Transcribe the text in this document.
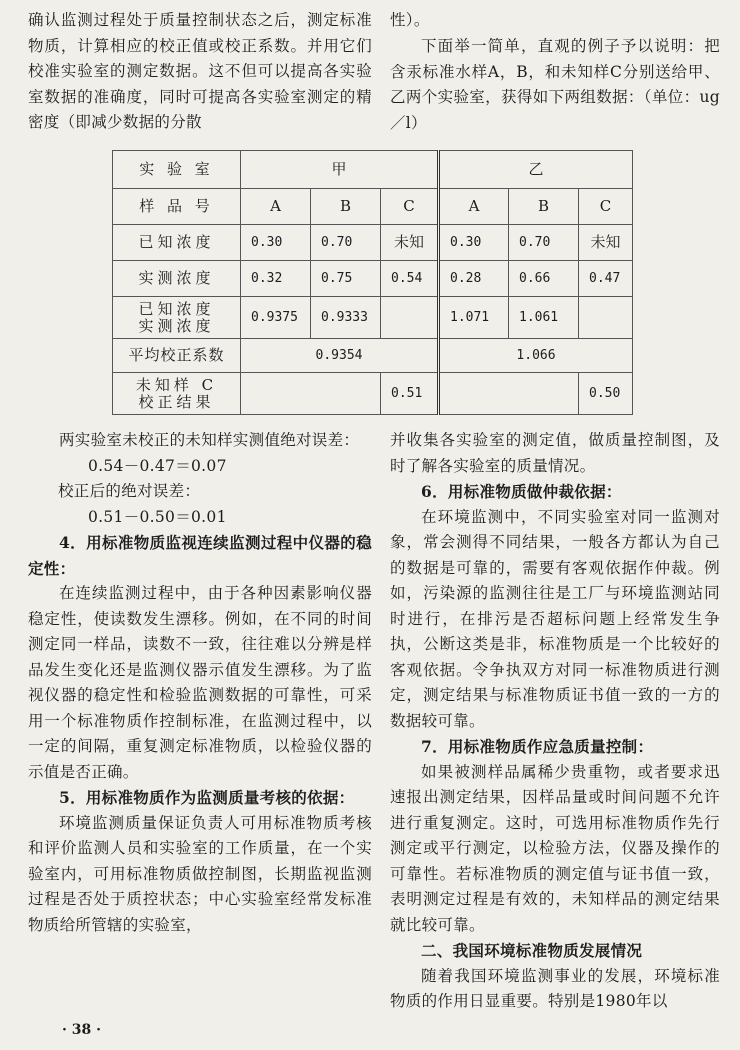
确认监测过程处于质量控制状态之后，测定标准物质，计算相应的校正值或校正系数。并用它们校准实验室的测定数据。这不但可以提高各实验室数据的准确度，同时可提高各实验室测定的精密度（即减少数据的分散

性）。

下面举一简单，直观的例子予以说明：把含汞标准水样A，B，和未知样C分别送给甲、乙两个实验室，获得如下两组数据：（单位：ug／l）

实 验 室	甲			乙		
样 品 号	A	B	C	A	B	C
已知浓度	0.30	0.70	未知	0.30	0.70	未知
实测浓度	0.32	0.75	0.54	0.28	0.66	0.47

已知浓度
实测浓度	0.9375	0.9333		1.071	1.061	
平均校正系数	0.9354			1.066		

未知样 C
校正结果			0.51			0.50

两实验室未校正的未知样实测值绝对误差：

0.54－0.47＝0.07

校正后的绝对误差：

0.51－0.50＝0.01

4．用标准物质监视连续监测过程中仪器的稳定性：

在连续监测过程中，由于各种因素影响仪器稳定性，使读数发生漂移。例如，在不同的时间测定同一样品，读数不一致，往往难以分辨是样品发生变化还是监测仪器示值发生漂移。为了监视仪器的稳定性和检验监测数据的可靠性，可采用一个标准物质作控制标准，在监测过程中，以一定的间隔，重复测定标准物质，以检验仪器的示值是否正确。

5．用标准物质作为监测质量考核的依据：

环境监测质量保证负责人可用标准物质考核和评价监测人员和实验室的工作质量，在一个实验室内，可用标准物质做控制图，长期监视监测过程是否处于质控状态；中心实验室经常发标准物质给所管辖的实验室，

并收集各实验室的测定值，做质量控制图，及时了解各实验室的质量情况。

6．用标准物质做仲裁依据：

在环境监测中，不同实验室对同一监测对象，常会测得不同结果，一般各方都认为自己的数据是可靠的，需要有客观依据作仲裁。例如，污染源的监测往往是工厂与环境监测站同时进行，在排污是否超标问题上经常发生争执，公断这类是非，标准物质是一个比较好的客观依据。令争执双方对同一标准物质进行测定，测定结果与标准物质证书值一致的一方的数据较可靠。

7．用标准物质作应急质量控制：

如果被测样品属稀少贵重物，或者要求迅速报出测定结果，因样品量或时间问题不允许进行重复测定。这时，可选用标准物质作先行测定或平行测定，以检验方法，仪器及操作的可靠性。若标准物质的测定值与证书值一致，表明测定过程是有效的，未知样品的测定结果就比较可靠。

二、我国环境标准物质发展情况

随着我国环境监测事业的发展，环境标准物质的作用日显重要。特别是1980年以

· 38 ·
